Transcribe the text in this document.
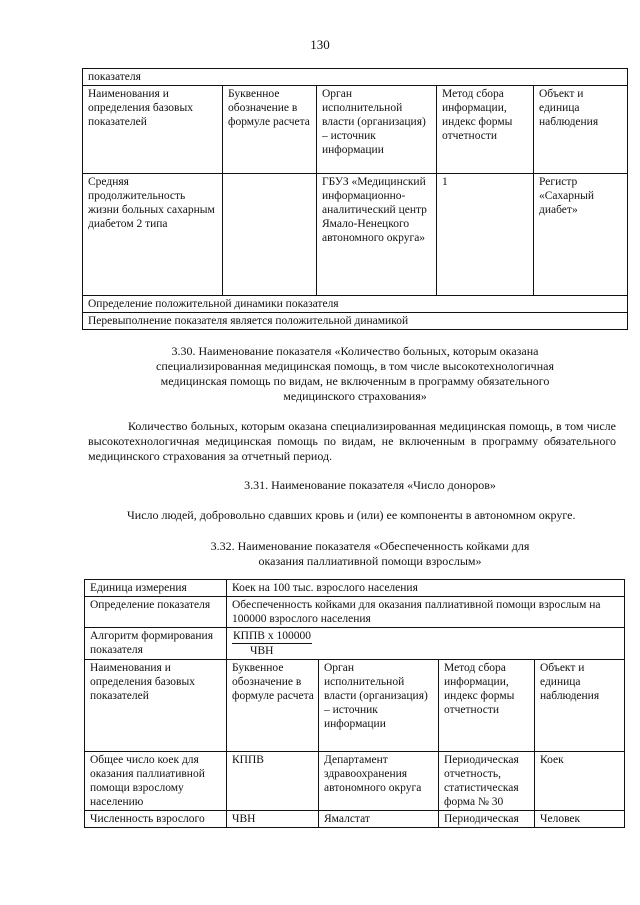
130
показателя				
Наименования и определения базовых показателей	Буквенное обозначение в формуле расчета	Орган исполнительной власти (организация) – источник информации	Метод сбора информации, индекс формы отчетности	Объект и единица наблюдения
Средняя продолжительность жизни больных сахарным диабетом 2 типа		ГБУЗ «Медицинский информационно-аналитический центр Ямало-Ненецкого автономного округа»	1	Регистр «Сахарный диабет»
Определение положительной динамики показателя				
Перевыполнение показателя является положительной динамикой				
3.30. Наименование показателя «Количество больных, которым оказана специализированная медицинская помощь, в том числе высокотехнологичная медицинская помощь по видам, не включенным в программу обязательного медицинского страхования»
Количество больных, которым оказана специализированная медицинская помощь, в том числе высокотехнологичная медицинская помощь по видам, не включенным в программу обязательного медицинского страхования за отчетный период.
3.31. Наименование показателя «Число доноров»
Число людей, добровольно сдавших кровь и (или) ее компоненты в автономном округе.
3.32. Наименование показателя «Обеспеченность койками для оказания паллиативной помощи взрослым»
Единица измерения	Коек на 100 тыс. взрослого населения			
Определение показателя	Обеспеченность койками для оказания паллиативной помощи взрослым на 100000 взрослого населения			
Алгоритм формирования показателя	$\frac{\text{КППВ x 100000}}{\text{ЧВН}}$

Наименования и определения базовых показателей	Буквенное обозначение в формуле расчета	Орган исполнительной власти (организация) – источник информации	Метод сбора информации, индекс формы отчетности	Объект и единица наблюдения
Общее число коек для оказания паллиативной помощи взрослому населению	КППВ	Департамент здравоохранения автономного округа	Периодическая отчетность, статистическая форма № 30	Коек
Численность взрослого	ЧВН	Ямалстат	Периодическая	Человек
